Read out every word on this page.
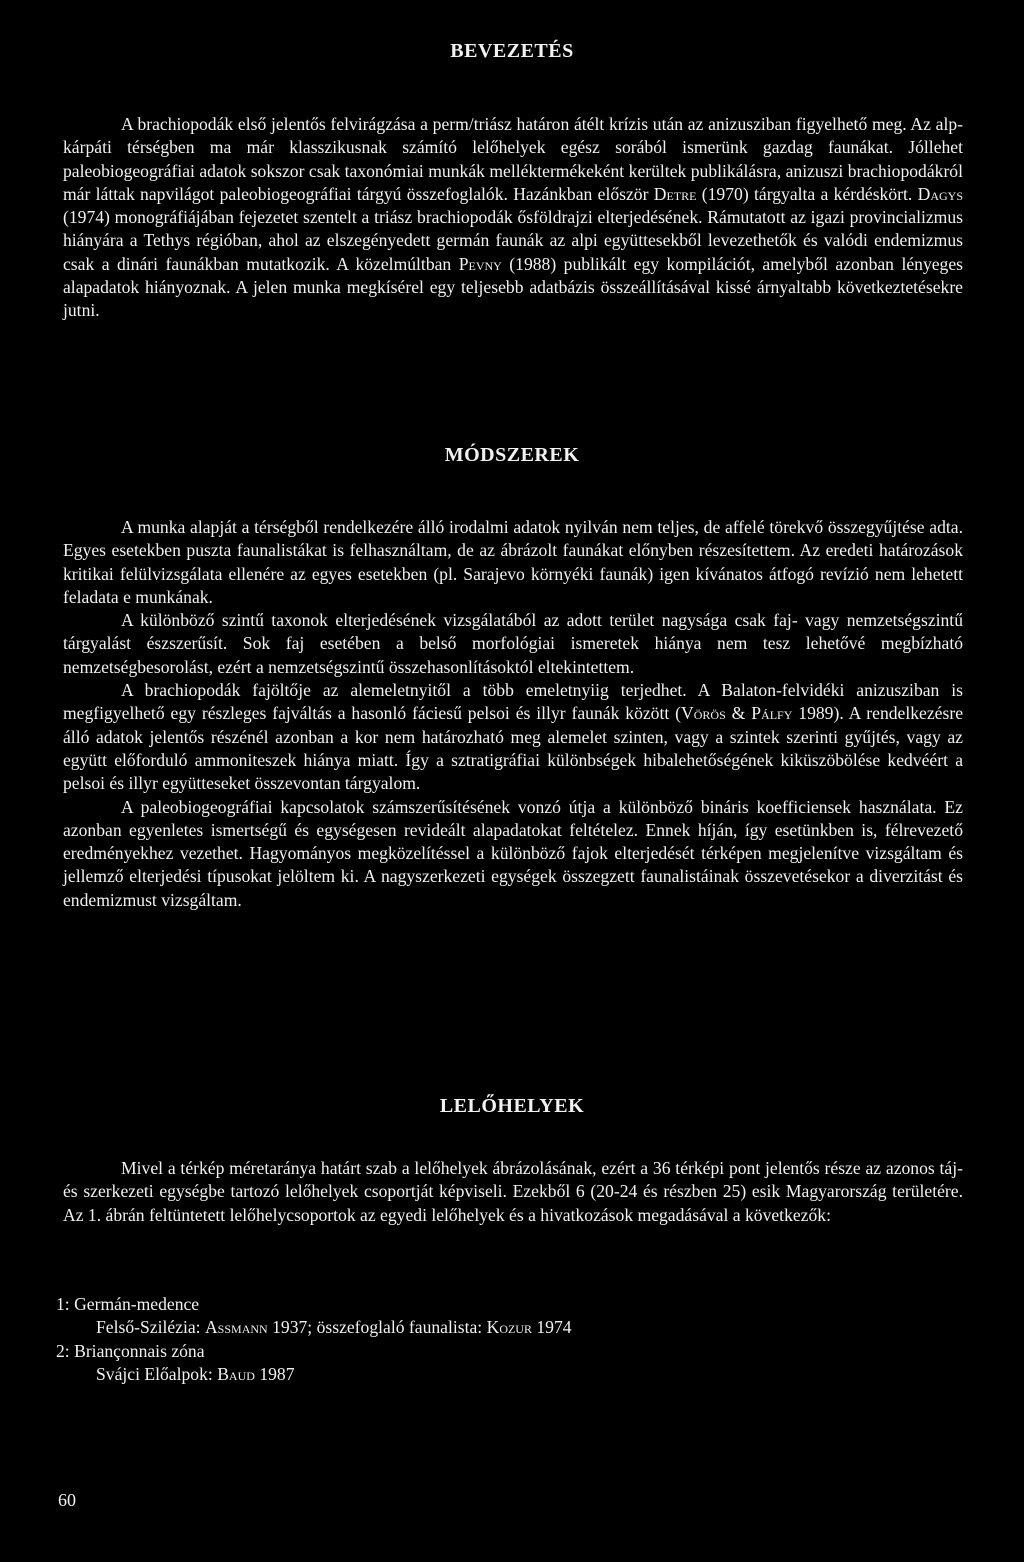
BEVEZETÉS

A brachiopodák első jelentős felvirágzása a perm/triász határon átélt krízis után az anizusziban figyelhető meg. Az alp-kárpáti térségben ma már klasszikusnak számító lelőhelyek egész sorából ismerünk gazdag faunákat. Jóllehet paleobiogeográfiai adatok sokszor csak taxonómiai munkák melléktermékeként kerültek publikálásra, anizuszi brachiopodákról már láttak napvilágot paleobiogeográfiai tárgyú összefoglalók. Hazánkban először Detre (1970) tárgyalta a kérdéskört. Dagys (1974) monográfiájában fejezetet szentelt a triász brachiopodák ősföldrajzi elterjedésének. Rámutatott az igazi provincializmus hiányára a Tethys régióban, ahol az elszegényedett germán faunák az alpi együttesekből levezethetők és valódi endemizmus csak a dinári faunákban mutatkozik. A közelmúltban Pevny (1988) publikált egy kompilációt, amelyből azonban lényeges alapadatok hiányoznak. A jelen munka megkísérel egy teljesebb adatbázis összeállításával kissé árnyaltabb következtetésekre jutni.

MÓDSZEREK

A munka alapját a térségből rendelkezére álló irodalmi adatok nyilván nem teljes, de affelé törekvő összegyűjtése adta. Egyes esetekben puszta faunalistákat is felhasználtam, de az ábrázolt faunákat előnyben részesítettem. Az eredeti határozások kritikai felülvizsgálata ellenére az egyes esetekben (pl. Sarajevo környéki faunák) igen kívánatos átfogó revízió nem lehetett feladata e munkának.

A különböző szintű taxonok elterjedésének vizsgálatából az adott terület nagysága csak faj- vagy nemzetségszintű tárgyalást észszerűsít. Sok faj esetében a belső morfológiai ismeretek hiánya nem tesz lehetővé megbízható nemzetségbesorolást, ezért a nemzetségszintű összehasonlításoktól eltekintettem.

A brachiopodák fajöltője az alemeletnyitől a több emeletnyiig terjedhet. A Balaton-felvidéki anizusziban is megfigyelhető egy részleges fajváltás a hasonló fáciesű pelsoi és illyr faunák között (Vörös & Pálfy 1989). A rendelkezésre álló adatok jelentős részénél azonban a kor nem határozható meg alemelet szinten, vagy a szintek szerinti gyűjtés, vagy az együtt előforduló ammoniteszek hiánya miatt. Így a sztratigráfiai különbségek hibalehetőségének kiküszöbölése kedvéért a pelsoi és illyr együtteseket összevontan tárgyalom.

A paleobiogeográfiai kapcsolatok számszerűsítésének vonzó útja a különböző bináris koefficiensek használata. Ez azonban egyenletes ismertségű és egységesen revideált alapadatokat feltételez. Ennek híján, így esetünkben is, félrevezető eredményekhez vezethet. Hagyományos megközelítéssel a különböző fajok elterjedését térképen megjelenítve vizsgáltam és jellemző elterjedési típusokat jelöltem ki. A nagyszerkezeti egységek összegzett faunalistáinak összevetésekor a diverzitást és endemizmust vizsgáltam.

LELŐHELYEK

Mivel a térkép méretaránya határt szab a lelőhelyek ábrázolásának, ezért a 36 térképi pont jelentős része az azonos táj- és szerkezeti egységbe tartozó lelőhelyek csoportját képviseli. Ezekből 6 (20-24 és részben 25) esik Magyarország területére. Az 1. ábrán feltüntetett lelőhelycsoportok az egyedi lelőhelyek és a hivatkozások megadásával a következők:

1: Germán-medence
Felső-Szilézia: Assmann 1937; összefoglaló faunalista: Kozur 1974
2: Briançonnais zóna
Svájci Előalpok: Baud 1987
60
